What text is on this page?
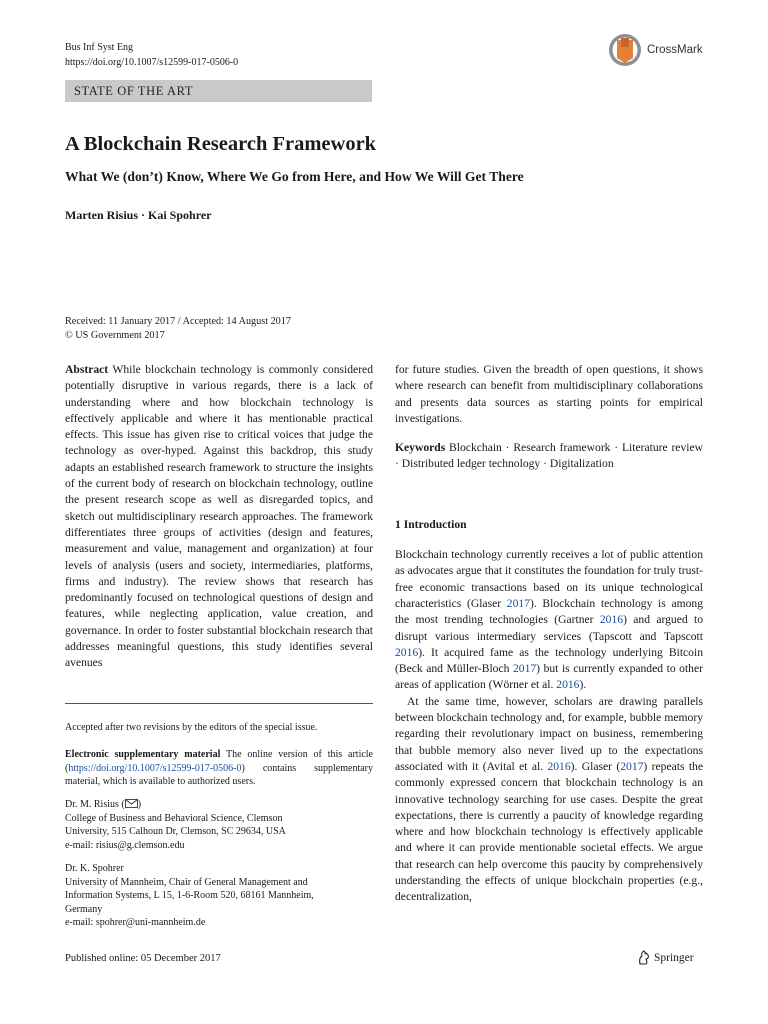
Bus Inf Syst Eng
https://doi.org/10.1007/s12599-017-0506-0
CrossMark
STATE OF THE ART
A Blockchain Research Framework
What We (don’t) Know, Where We Go from Here, and How We Will Get There
Marten Risius · Kai Spohrer
Received: 11 January 2017 / Accepted: 14 August 2017
© US Government 2017

Abstract While blockchain technology is commonly considered potentially disruptive in various regards, there is a lack of understanding where and how blockchain technology is effectively applicable and where it has mentionable practical effects. This issue has given rise to critical voices that judge the technology as over-hyped. Against this backdrop, this study adapts an established research framework to structure the insights of the current body of research on blockchain technology, outline the present research scope as well as disregarded topics, and sketch out multidisciplinary research approaches. The framework differentiates three groups of activities (design and features, measurement and value, management and organization) at four levels of analysis (users and society, intermediaries, platforms, firms and industry). The review shows that research has predominantly focused on technological questions of design and features, while neglecting application, value creation, and governance. In order to foster substantial blockchain research that addresses meaningful questions, this study identifies several avenues

Accepted after two revisions by the editors of the special issue.
Electronic supplementary material The online version of this article (https://doi.org/10.1007/s12599-017-0506-0) contains supplementary material, which is available to authorized users.
Dr. M. Risius ( )
College of Business and Behavioral Science, Clemson
University, 515 Calhoun Dr, Clemson, SC 29634, USA
e-mail: risius@g.clemson.edu
Dr. K. Spohrer
University of Mannheim, Chair of General Management and
Information Systems, L 15, 1-6-Room 520, 68161 Mannheim,
Germany
e-mail: spohrer@uni-mannheim.de

for future studies. Given the breadth of open questions, it shows where research can benefit from multidisciplinary collaborations and presents data sources as starting points for empirical investigations.

Keywords Blockchain · Research framework · Literature review · Distributed ledger technology · Digitalization

1 Introduction

Blockchain technology currently receives a lot of public attention as advocates argue that it constitutes the foundation for truly trust-free economic transactions based on its unique technological characteristics (Glaser 2017). Blockchain technology is among the most trending technologies (Gartner 2016) and argued to disrupt various intermediary services (Tapscott and Tapscott 2016). It acquired fame as the technology underlying Bitcoin (Beck and Müller-Bloch 2017) but is currently expanded to other areas of application (Wörner et al. 2016).

At the same time, however, scholars are drawing parallels between blockchain technology and, for example, bubble memory regarding their revolutionary impact on business, remembering that bubble memory also never lived up to the expectations associated with it (Avital et al. 2016). Glaser (2017) repeats the commonly expressed concern that blockchain technology is an innovative technology searching for use cases. Despite the great expectations, there is currently a paucity of knowledge regarding where and how blockchain technology is effectively applicable and where it can provide mentionable societal effects. We argue that research can help overcome this paucity by comprehensively understanding the effects of unique blockchain properties (e.g., decentralization,

Published online: 05 December 2017	Springer
